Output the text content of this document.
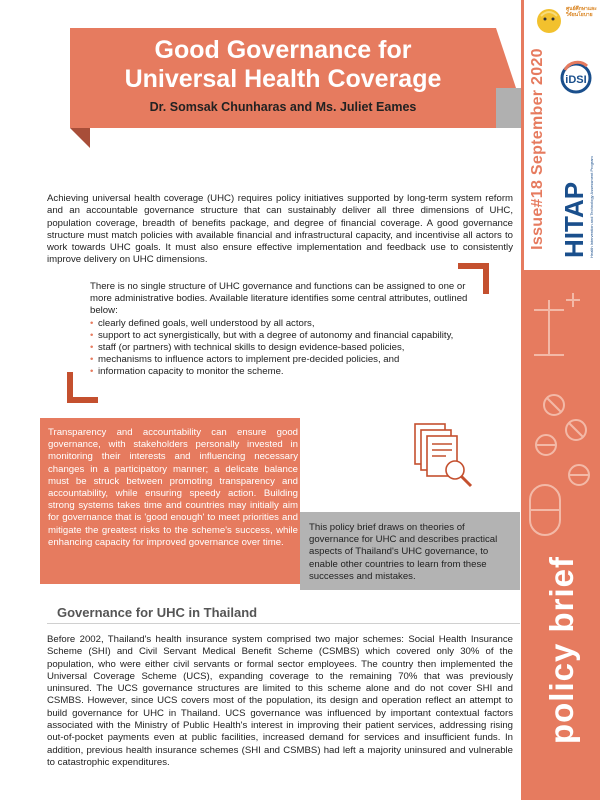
ศูนย์ศึกษาและวิจัยนโยบาย
Issue#18 September 2020 iDSI
HITAP Health Intervention and Technology Assessment Program
policy brief
Good Governance for
Universal Health Coverage
Dr. Somsak Chunharas and Ms. Juliet Eames
Achieving universal health coverage (UHC) requires policy initiatives supported by long-term system reform and an accountable governance structure that can sustainably deliver all three dimensions of UHC, population coverage, breadth of benefits package, and degree of financial coverage. A good governance structure must match policies with available financial and infrastructural capacity, and incentivise all actors to work towards UHC goals. It must also ensure effective implementation and feedback use to consistently improve delivery on UHC dimensions.
There is no single structure of UHC governance and functions can be assigned to one or more administrative bodies. Available literature identifies some central attributes, outlined below:
• clearly defined goals, well understood by all actors,
• support to act synergistically, but with a degree of autonomy and financial capability,
• staff (or partners) with technical skills to design evidence-based policies,
• mechanisms to influence actors to implement pre-decided policies, and
• information capacity to monitor the scheme.
Transparency and accountability can ensure good governance, with stakeholders personally invested in monitoring their interests and influencing necessary changes in a participatory manner; a delicate balance must be struck between promoting transparency and accountability, while ensuring speedy action. Building strong systems takes time and countries may initially aim for governance that is 'good enough' to meet priorities and mitigate the greatest risks to the scheme's success, while enhancing capacity for improved governance over time.
This policy brief draws on theories of governance for UHC and describes practical aspects of Thailand's UHC governance, to enable other countries to learn from these successes and mistakes.
Governance for UHC in Thailand
Before 2002, Thailand's health insurance system comprised two major schemes: Social Health Insurance Scheme (SHI) and Civil Servant Medical Benefit Scheme (CSMBS) which covered only 30% of the population, who were either civil servants or formal sector employees. The country then implemented the Universal Coverage Scheme (UCS), expanding coverage to the remaining 70% that was previously uninsured. The UCS governance structures are limited to this scheme alone and do not cover SHI and CSMBS. However, since UCS covers most of the population, its design and operation reflect an attempt to build governance for UHC in Thailand. UCS governance was influenced by important contextual factors associated with the Ministry of Public Health's interest in improving their patient services, addressing rising out-of-pocket payments even at public facilities, increased demand for services and insufficient funds. In addition, previous health insurance schemes (SHI and CSMBS) had left a majority uninsured and vulnerable to catastrophic expenditures.
